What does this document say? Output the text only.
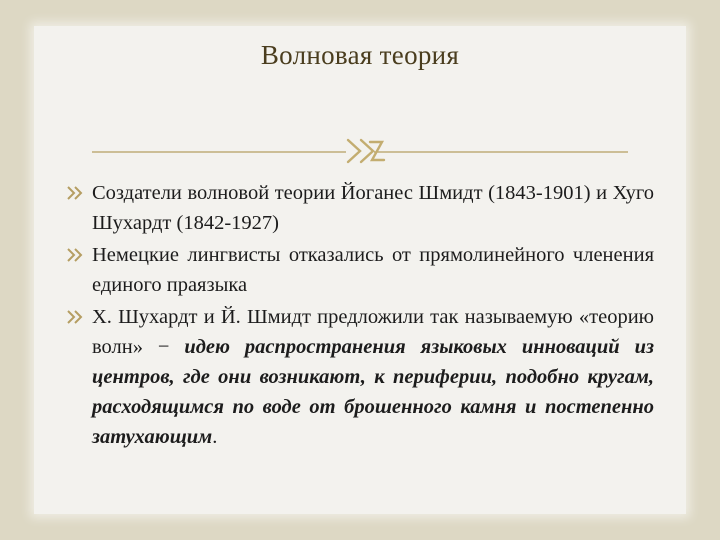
Волновая теория
Создатели волновой теории Йоганес Шмидт (1843-1901) и Хуго Шухардт (1842-1927)
Немецкие лингвисты отказались от прямолинейного членения единого праязыка
Х. Шухардт и Й. Шмидт предложили так называемую «теорию волн» − идею распространения языковых инноваций из центров, где они возникают, к периферии, подобно кругам, расходящимся по воде от брошенного камня и постепенно затухающим.
